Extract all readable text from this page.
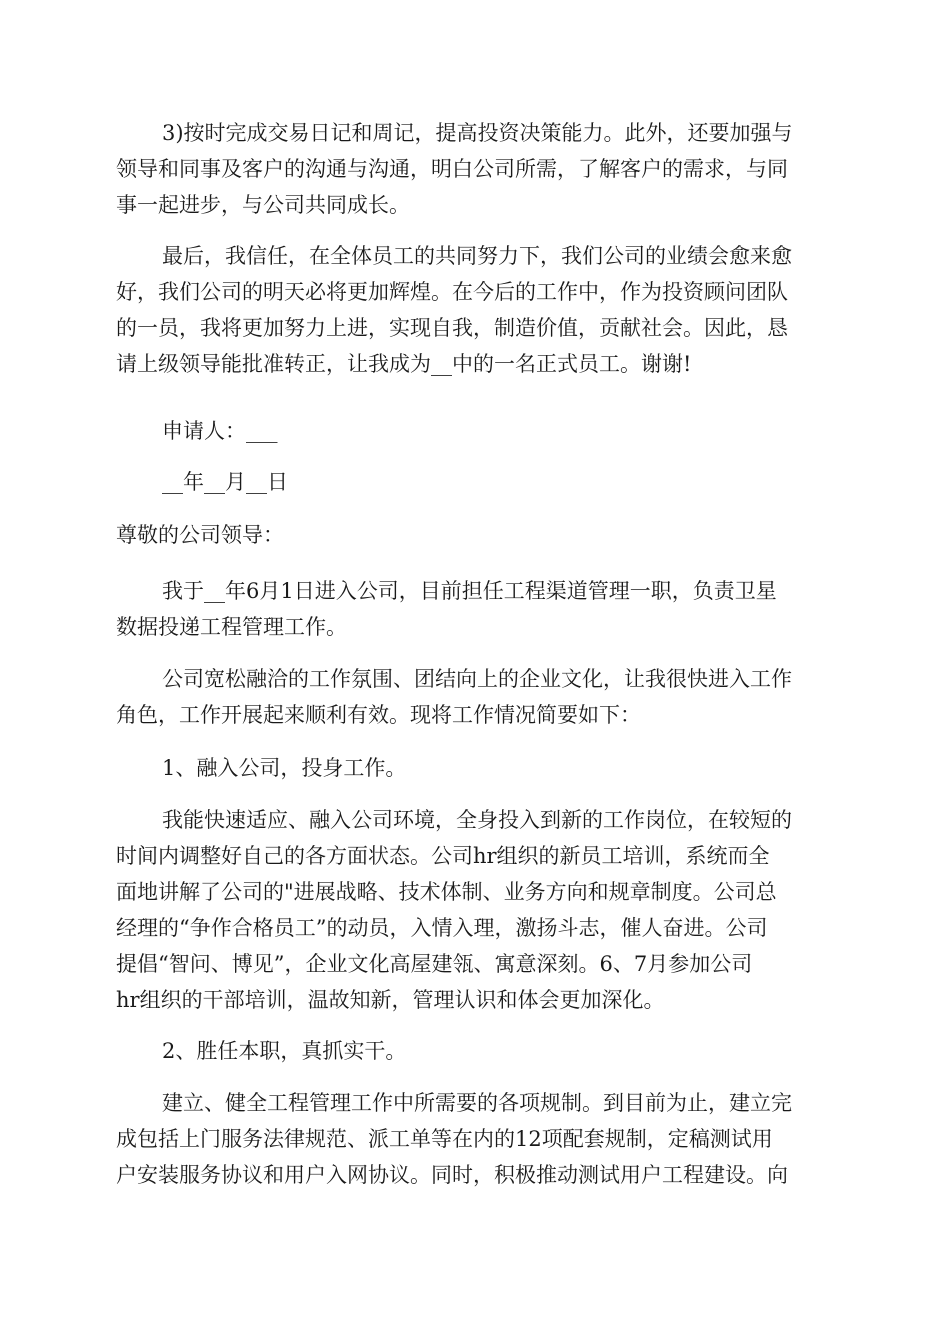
3)按时完成交易日记和周记，提高投资决策能力。此外，还要加强与
领导和同事及客户的沟通与沟通，明白公司所需，了解客户的需求，与同
事一起进步，与公司共同成长。
最后，我信任，在全体员工的共同努力下，我们公司的业绩会愈来愈
好，我们公司的明天必将更加辉煌。在今后的工作中，作为投资顾问团队
的一员，我将更加努力上进，实现自我，制造价值，贡献社会。因此，恳
请上级领导能批准转正，让我成为__中的一名正式员工。谢谢!
申请人：___
__年__月__日
尊敬的公司领导：
我于__年6月1日进入公司，目前担任工程渠道管理一职，负责卫星
数据投递工程管理工作。
公司宽松融洽的工作氛围、团结向上的企业文化，让我很快进入工作
角色，工作开展起来顺利有效。现将工作情况简要如下：
1、融入公司，投身工作。
我能快速适应、融入公司环境，全身投入到新的工作岗位，在较短的
时间内调整好自己的各方面状态。公司hr组织的新员工培训，系统而全
面地讲解了公司的"进展战略、技术体制、业务方向和规章制度。公司总
经理的“争作合格员工”的动员，入情入理，激扬斗志，催人奋进。公司
提倡“智问、博见”，企业文化高屋建瓴、寓意深刻。6、7月参加公司
hr组织的干部培训，温故知新，管理认识和体会更加深化。
2、胜任本职，真抓实干。
建立、健全工程管理工作中所需要的各项规制。到目前为止，建立完
成包括上门服务法律规范、派工单等在内的12项配套规制，定稿测试用
户安装服务协议和用户入网协议。同时，积极推动测试用户工程建设。向
